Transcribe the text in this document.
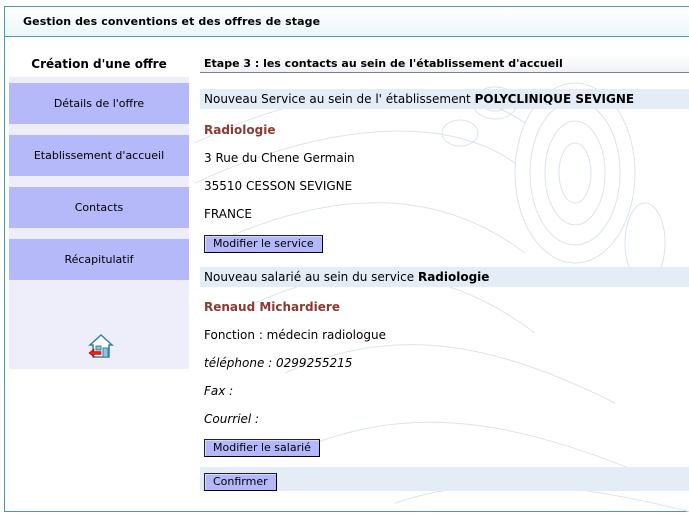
Gestion des conventions et des offres de stage
Création d'une offre
Détails de l'offre
Etablissement d'accueil
Contacts
Récapitulatif
Etape 3 : les contacts au sein de l'établissement d'accueil
Nouveau Service au sein de l' établissement POLYCLINIQUE SEVIGNE
Radiologie
3 Rue du Chene Germain
35510 CESSON SEVIGNE
FRANCE
Modifier le service
Nouveau salarié au sein du service Radiologie
Renaud Michardiere
Fonction : médecin radiologue
téléphone : 0299255215
Fax :
Courriel :
Modifier le salarié
Confirmer
